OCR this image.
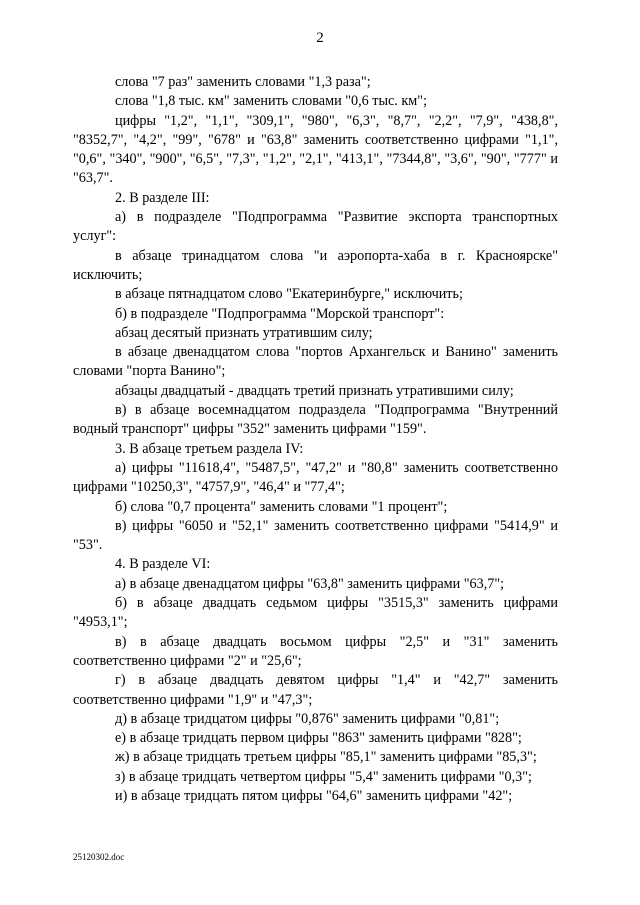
2

слова "7 раз" заменить словами "1,3 раза";

слова "1,8 тыс. км" заменить словами "0,6 тыс. км";

цифры "1,2", "1,1", "309,1", "980", "6,3", "8,7", "2,2", "7,9", "438,8", "8352,7", "4,2", "99", "678" и "63,8" заменить соответственно цифрами "1,1", "0,6", "340", "900", "6,5", "7,3", "1,2", "2,1", "413,1", "7344,8", "3,6", "90", "777" и "63,7".

2. В разделе III:

а) в подразделе "Подпрограмма "Развитие экспорта транспортных услуг":

в абзаце тринадцатом слова "и аэропорта-хаба в г. Красноярске" исключить;

в абзаце пятнадцатом слово "Екатеринбурге," исключить;

б) в подразделе "Подпрограмма "Морской транспорт":

абзац десятый признать утратившим силу;

в абзаце двенадцатом слова "портов Архангельск и Ванино" заменить словами "порта Ванино";

абзацы двадцатый - двадцать третий признать утратившими силу;

в) в абзаце восемнадцатом подраздела "Подпрограмма "Внутренний водный транспорт" цифры "352" заменить цифрами "159".

3. В абзаце третьем раздела IV:

а) цифры "11618,4", "5487,5", "47,2" и "80,8" заменить соответственно цифрами "10250,3", "4757,9", "46,4" и "77,4";

б) слова "0,7 процента" заменить словами "1 процент";

в) цифры "6050 и "52,1" заменить соответственно цифрами "5414,9" и "53".

4. В разделе VI:

а) в абзаце двенадцатом цифры "63,8" заменить цифрами "63,7";

б) в абзаце двадцать седьмом цифры "3515,3" заменить цифрами "4953,1";

в) в абзаце двадцать восьмом цифры "2,5" и "31" заменить соответственно цифрами "2" и "25,6";

г) в абзаце двадцать девятом цифры "1,4" и "42,7" заменить соответственно цифрами "1,9" и "47,3";

д) в абзаце тридцатом цифры "0,876" заменить цифрами "0,81";

е) в абзаце тридцать первом цифры "863" заменить цифрами "828";

ж) в абзаце тридцать третьем цифры "85,1" заменить цифрами "85,3";

з) в абзаце тридцать четвертом цифры "5,4" заменить цифрами "0,3";

и) в абзаце тридцать пятом цифры "64,6" заменить цифрами "42";

25120302.doc
